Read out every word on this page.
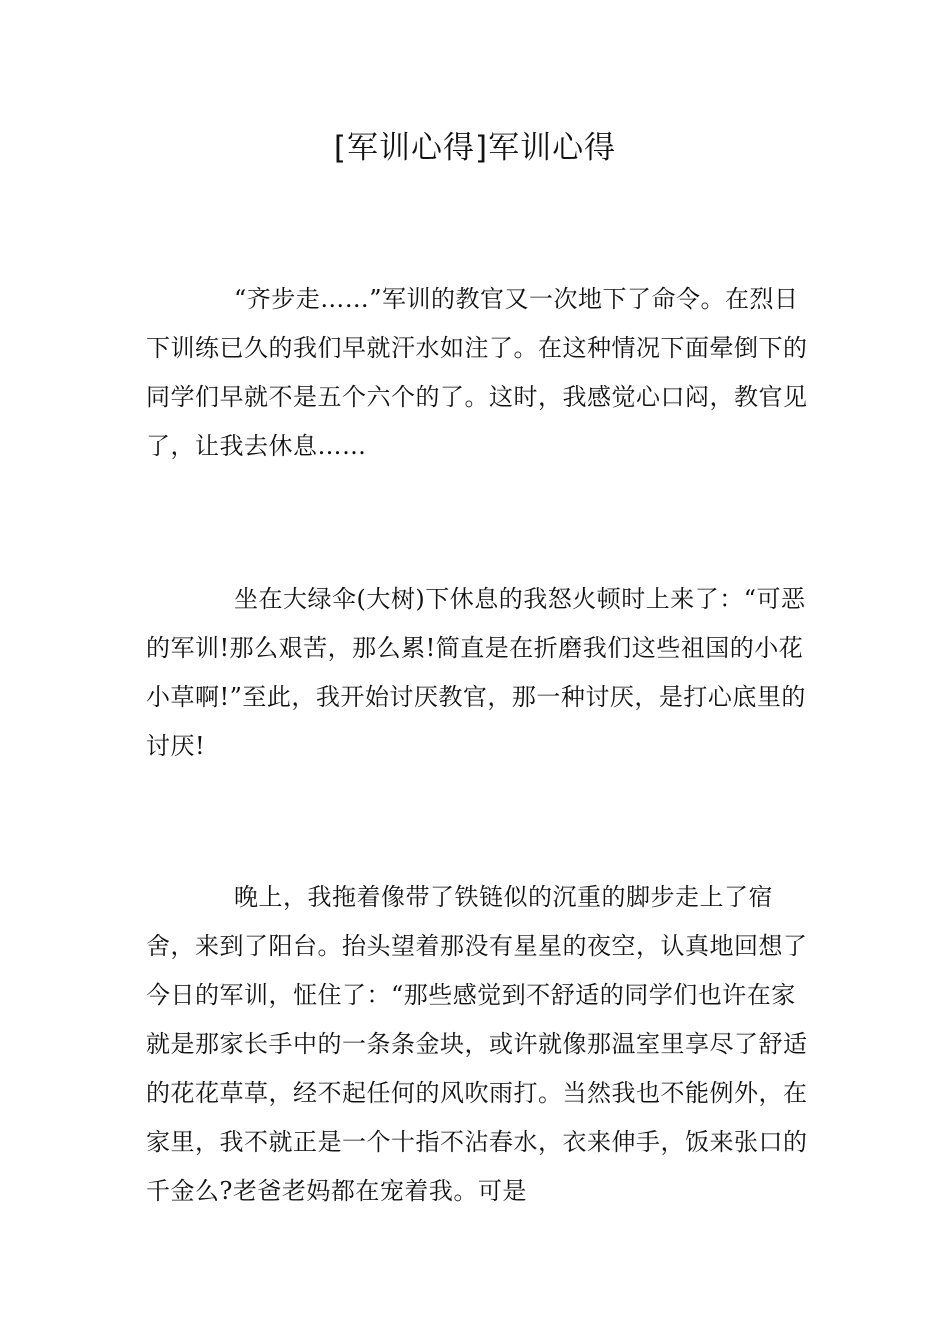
[军训心得]军训心得

“齐步走……”军训的教官又一次地下了命令。在烈日下训练已久的我们早就汗水如注了。在这种情况下面晕倒下的同学们早就不是五个六个的了。这时，我感觉心口闷，教官见了，让我去休息……

坐在大绿伞(大树)下休息的我怒火顿时上来了：“可恶的军训!那么艰苦，那么累!简直是在折磨我们这些祖国的小花小草啊!”至此，我开始讨厌教官，那一种讨厌，是打心底里的讨厌!

晚上，我拖着像带了铁链似的沉重的脚步走上了宿舍，来到了阳台。抬头望着那没有星星的夜空，认真地回想了今日的军训，怔住了：“那些感觉到不舒适的同学们也许在家就是那家长手中的一条条金块，或许就像那温室里享尽了舒适的花花草草，经不起任何的风吹雨打。当然我也不能例外，在家里，我不就正是一个十指不沾春水，衣来伸手，饭来张口的千金么?老爸老妈都在宠着我。可是
